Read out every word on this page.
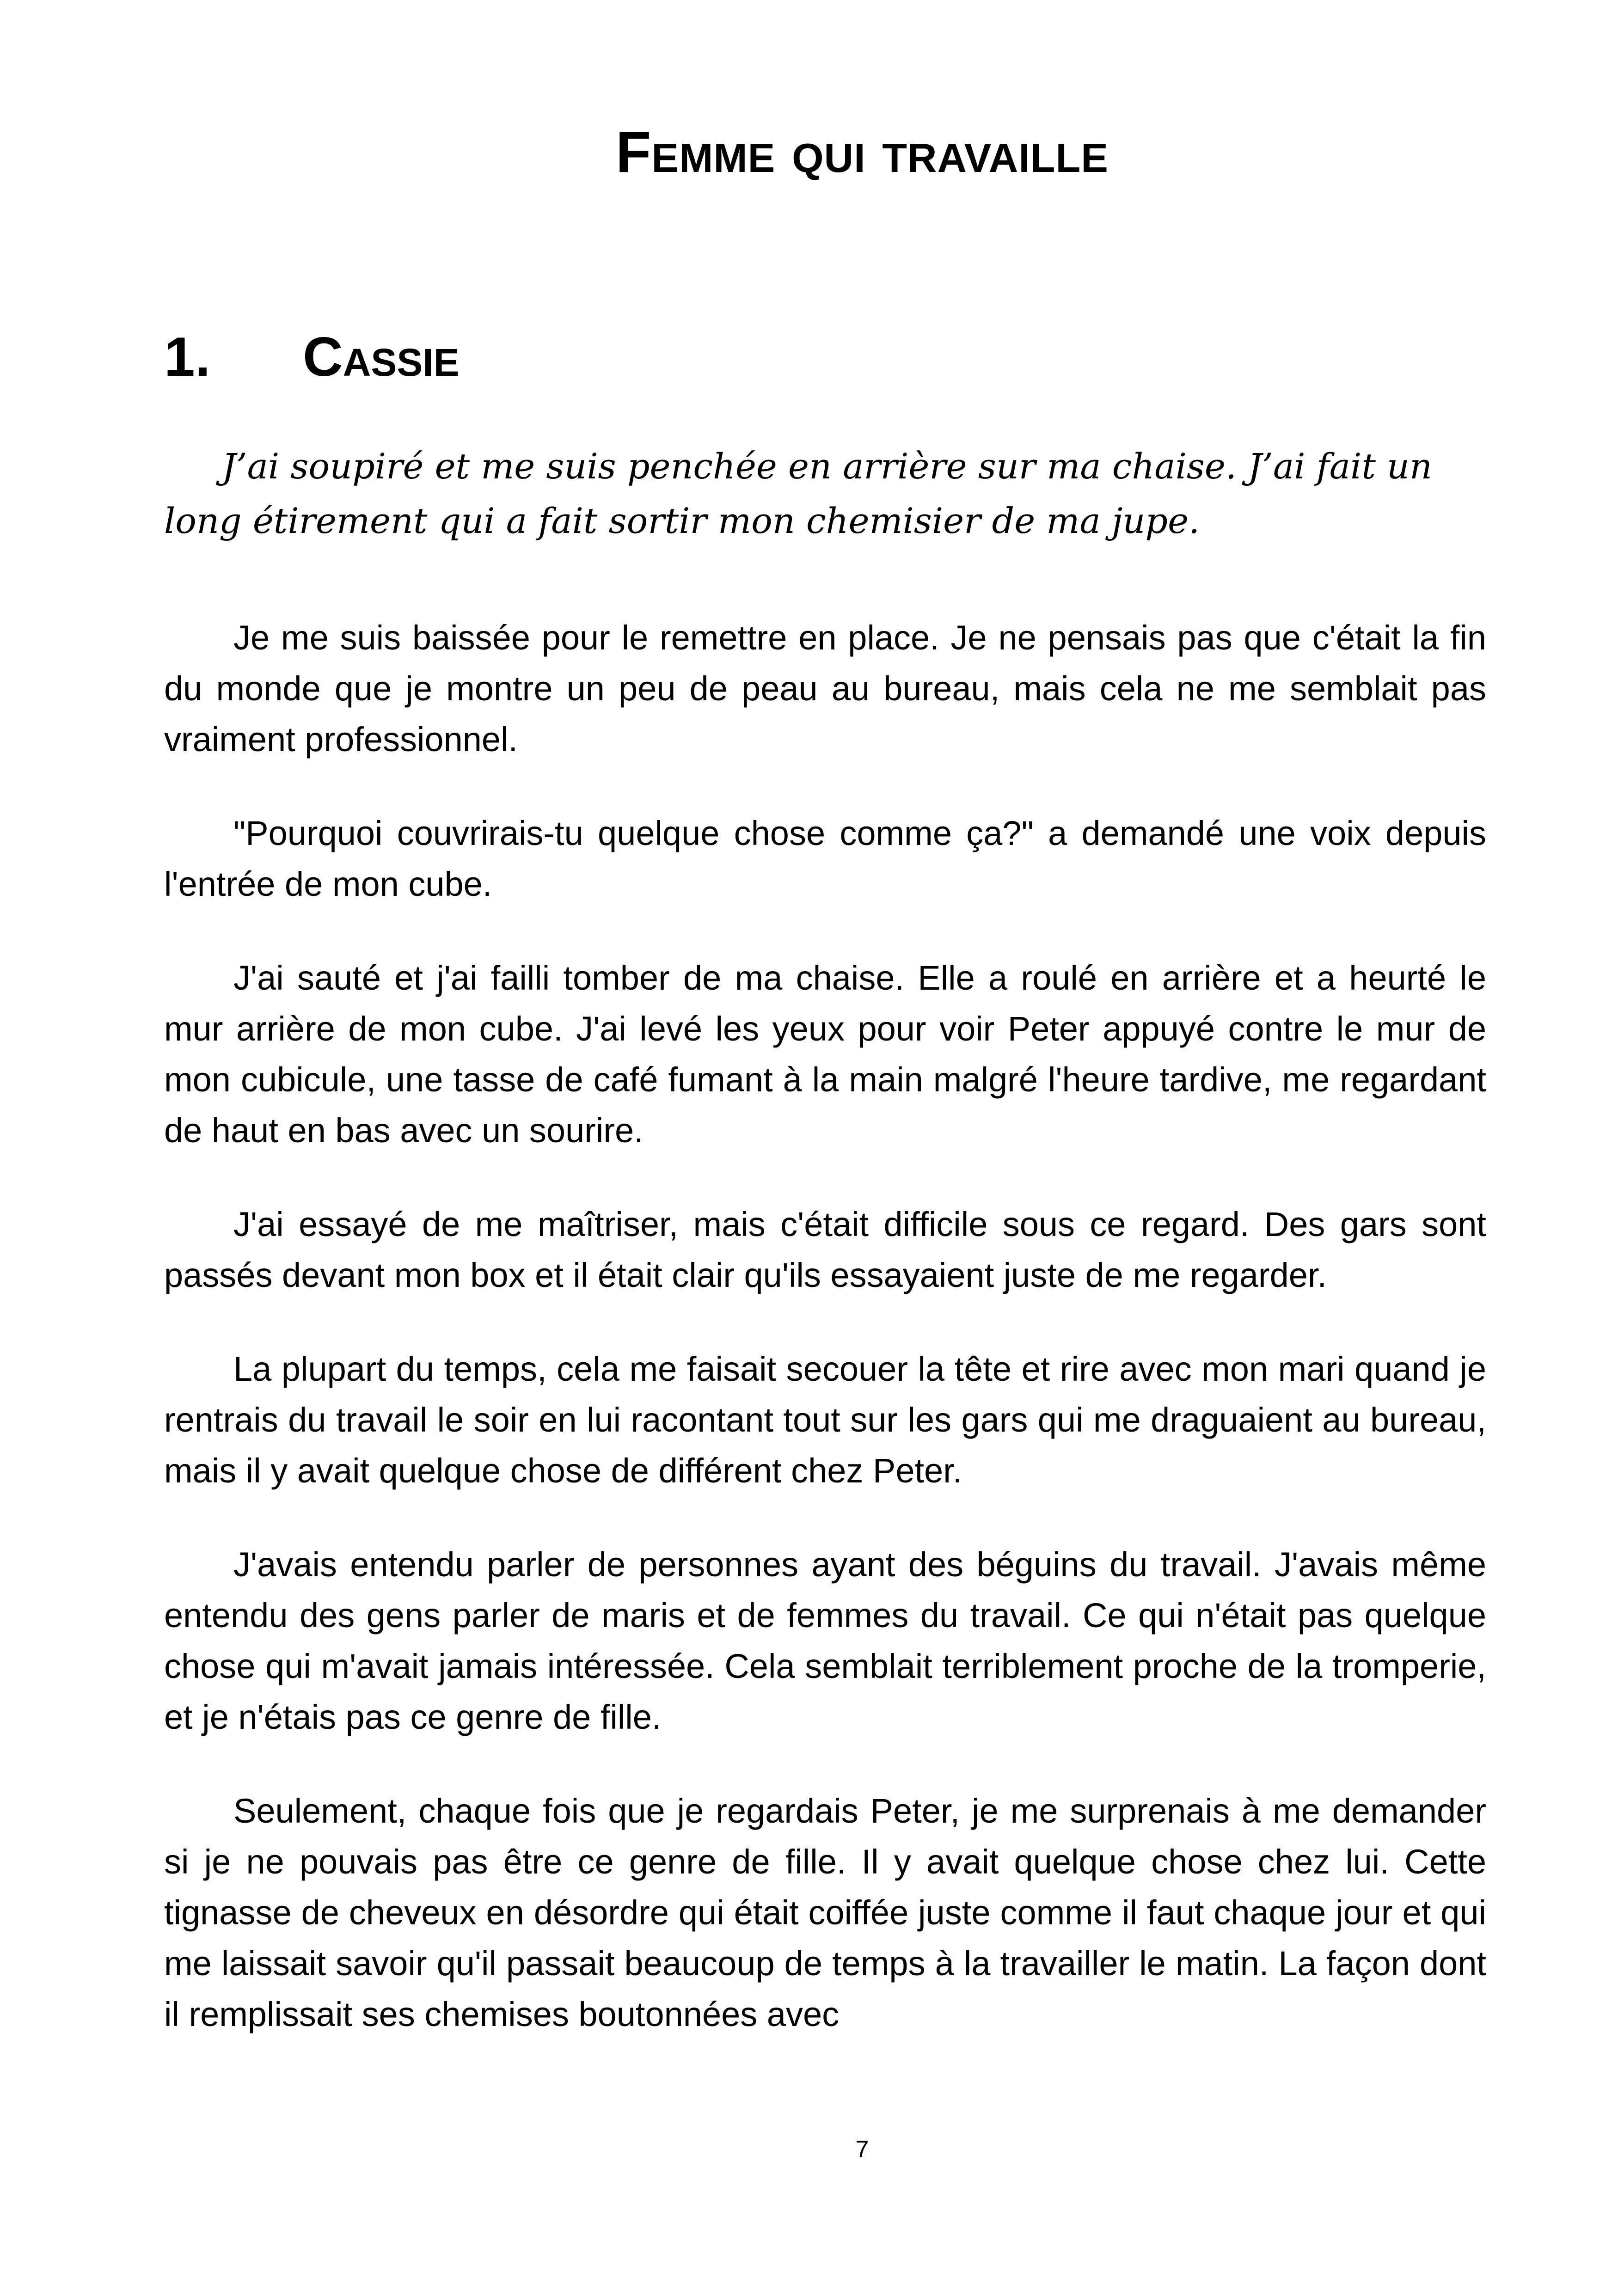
Femme qui travaille
1.	Cassie

J’ai soupiré et me suis penchée en arrière sur ma chaise. J’ai fait un long étirement qui a fait sortir mon chemisier de ma jupe.

Je me suis baissée pour le remettre en place. Je ne pensais pas que c'était la fin du monde que je montre un peu de peau au bureau, mais cela ne me semblait pas vraiment professionnel.

"Pourquoi couvrirais-tu quelque chose comme ça?" a demandé une voix depuis l'entrée de mon cube.

J'ai sauté et j'ai failli tomber de ma chaise. Elle a roulé en arrière et a heurté le mur arrière de mon cube. J'ai levé les yeux pour voir Peter appuyé contre le mur de mon cubicule, une tasse de café fumant à la main malgré l'heure tardive, me regardant de haut en bas avec un sourire.

J'ai essayé de me maîtriser, mais c'était difficile sous ce regard. Des gars sont passés devant mon box et il était clair qu'ils essayaient juste de me regarder.

La plupart du temps, cela me faisait secouer la tête et rire avec mon mari quand je rentrais du travail le soir en lui racontant tout sur les gars qui me draguaient au bureau, mais il y avait quelque chose de différent chez Peter.

J'avais entendu parler de personnes ayant des béguins du travail. J'avais même entendu des gens parler de maris et de femmes du travail. Ce qui n'était pas quelque chose qui m'avait jamais intéressée. Cela semblait terriblement proche de la tromperie, et je n'étais pas ce genre de fille.

Seulement, chaque fois que je regardais Peter, je me surprenais à me demander si je ne pouvais pas être ce genre de fille. Il y avait quelque chose chez lui. Cette tignasse de cheveux en désordre qui était coiffée juste comme il faut chaque jour et qui me laissait savoir qu'il passait beaucoup de temps à la travailler le matin. La façon dont il remplissait ses chemises boutonnées avec

7
